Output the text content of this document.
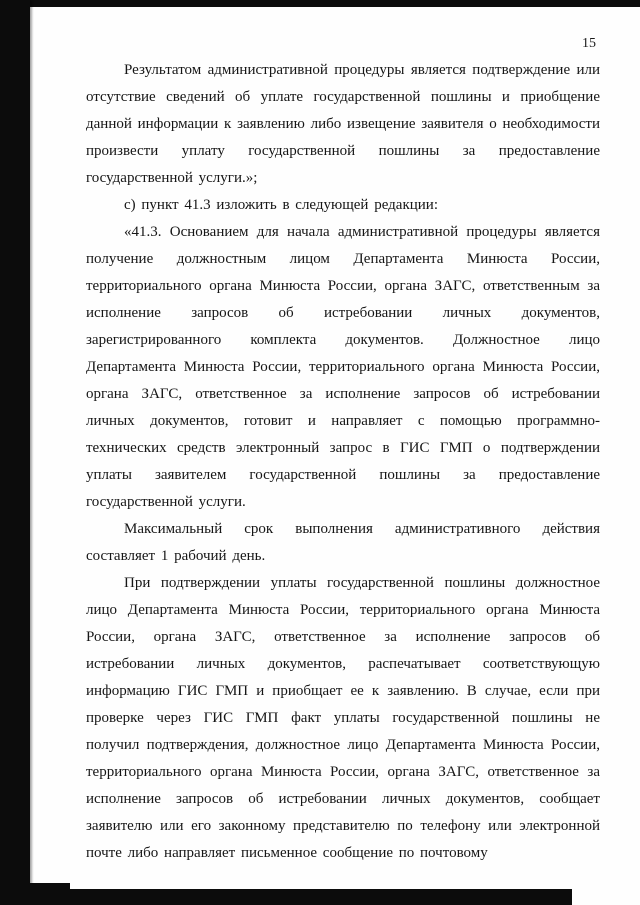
15

Результатом административной процедуры является подтверждение или отсутствие сведений об уплате государственной пошлины и приобщение данной информации к заявлению либо извещение заявителя о необходимости произвести уплату государственной пошлины за предоставление государственной услуги.»;

с) пункт 41.3 изложить в следующей редакции:

«41.3. Основанием для начала административной процедуры является получение должностным лицом Департамента Минюста России, территориального органа Минюста России, органа ЗАГС, ответственным за исполнение запросов об истребовании личных документов, зарегистрированного комплекта документов. Должностное лицо Департамента Минюста России, территориального органа Минюста России, органа ЗАГС, ответственное за исполнение запросов об истребовании личных документов, готовит и направляет с помощью программно-технических средств электронный запрос в ГИС ГМП о подтверждении уплаты заявителем государственной пошлины за предоставление государственной услуги.

Максимальный срок выполнения административного действия составляет 1 рабочий день.

При подтверждении уплаты государственной пошлины должностное лицо Департамента Минюста России, территориального органа Минюста России, органа ЗАГС, ответственное за исполнение запросов об истребовании личных документов, распечатывает соответствующую информацию ГИС ГМП и приобщает ее к заявлению. В случае, если при проверке через ГИС ГМП факт уплаты государственной пошлины не получил подтверждения, должностное лицо Департамента Минюста России, территориального органа Минюста России, органа ЗАГС, ответственное за исполнение запросов об истребовании личных документов, сообщает заявителю или его законному представителю по телефону или электронной почте либо направляет письменное сообщение по почтовому
